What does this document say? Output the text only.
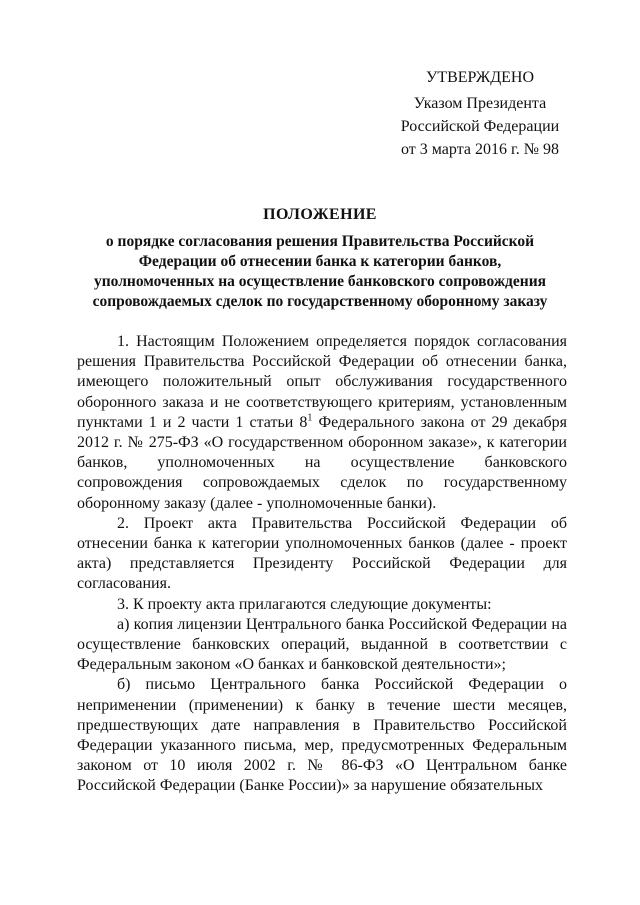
УТВЕРЖДЕНО
Указом Президента
Российской Федерации
от 3 марта 2016 г. № 98
ПОЛОЖЕНИЕ
о порядке согласования решения Правительства Российской
Федерации об отнесении банка к категории банков,
уполномоченных на осуществление банковского сопровождения
сопровождаемых сделок по государственному оборонному заказу

1. Настоящим Положением определяется порядок согласования решения Правительства Российской Федерации об отнесении банка, имеющего положительный опыт обслуживания государственного оборонного заказа и не соответствующего критериям, установленным пунктами 1 и 2 части 1 статьи $8^1$ Федерального закона от 29 декабря 2012 г. № 275-ФЗ «О государственном оборонном заказе», к категории банков, уполномоченных на осуществление банковского сопровождения сопровождаемых сделок по государственному оборонному заказу (далее - уполномоченные банки).

2. Проект акта Правительства Российской Федерации об отнесении банка к категории уполномоченных банков (далее - проект акта) представляется Президенту Российской Федерации для согласования.

3. К проекту акта прилагаются следующие документы:

а) копия лицензии Центрального банка Российской Федерации на осуществление банковских операций, выданной в соответствии с Федеральным законом «О банках и банковской деятельности»;

б) письмо Центрального банка Российской Федерации о неприменении (применении) к банку в течение шести месяцев, предшествующих дате направления в Правительство Российской Федерации указанного письма, мер, предусмотренных Федеральным законом от 10 июля 2002 г. № 86-ФЗ «О Центральном банке Российской Федерации (Банке России)» за нарушение обязательных
